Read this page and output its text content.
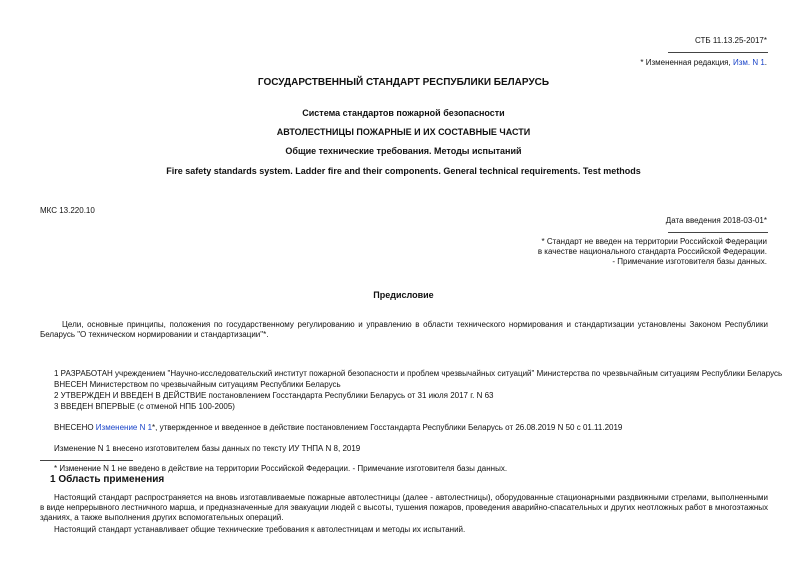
СТБ 11.13.25-2017*
* Измененная редакция, Изм. N 1.
ГОСУДАРСТВЕННЫЙ СТАНДАРТ РЕСПУБЛИКИ БЕЛАРУСЬ
Система стандартов пожарной безопасности
АВТОЛЕСТНИЦЫ ПОЖАРНЫЕ И ИХ СОСТАВНЫЕ ЧАСТИ
Общие технические требования. Методы испытаний
Fire safety standards system. Ladder fire and their components. General technical requirements. Test methods
МКС 13.220.10
Дата введения 2018-03-01*
* Стандарт не введен на территории Российской Федерации
в качестве национального стандарта Российской Федерации.
- Примечание изготовителя базы данных.
Предисловие
Цели, основные принципы, положения по государственному регулированию и управлению в области технического нормирования и стандартизации установлены Законом Республики Беларусь "О техническом нормировании и стандартизации"*.
1 РАЗРАБОТАН учреждением "Научно-исследовательский институт пожарной безопасности и проблем чрезвычайных ситуаций" Министерства по чрезвычайным ситуациям Республики Беларусь
ВНЕСЕН Министерством по чрезвычайным ситуациям Республики Беларусь
2 УТВЕРЖДЕН И ВВЕДЕН В ДЕЙСТВИЕ постановлением Госстандарта Республики Беларусь от 31 июля 2017 г. N 63
3 ВВЕДЕН ВПЕРВЫЕ (с отменой НПБ 100-2005)
ВНЕСЕНО Изменение N 1*, утвержденное и введенное в действие постановлением Госстандарта Республики Беларусь от 26.08.2019 N 50 с 01.11.2019
Изменение N 1 внесено изготовителем базы данных по тексту ИУ ТНПА N 8, 2019
* Изменение N 1 не введено в действие на территории Российской Федерации. - Примечание изготовителя базы данных.
1 Область применения
Настоящий стандарт распространяется на вновь изготавливаемые пожарные автолестницы (далее - автолестницы), оборудованные стационарными раздвижными стрелами, выполненными в виде непрерывного лестничного марша, и предназначенные для эвакуации людей с высоты, тушения пожаров, проведения аварийно-спасательных и других неотложных работ в многоэтажных зданиях, а также выполнения других вспомогательных операций.
Настоящий стандарт устанавливает общие технические требования к автолестницам и методы их испытаний.
